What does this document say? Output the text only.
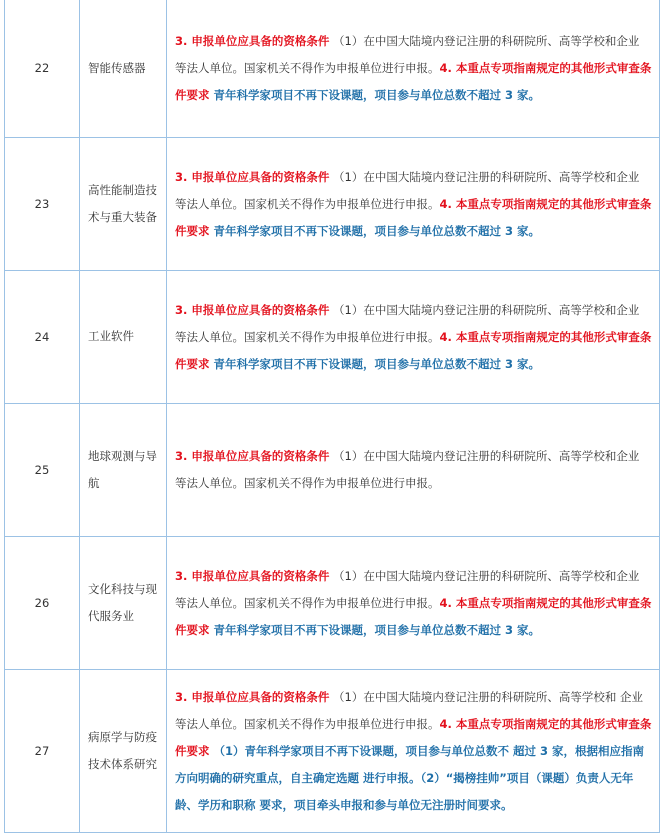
22	智能传感器	3. 申报单位应具备的资格条件 （1）在中国大陆境内登记注册的科研院所、高等学校和企业 等法人单位。国家机关不得作为申报单位进行申报。4. 本重点专项指南规定的其他形式审查条件要求 青年科学家项目不再下设课题，项目参与单位总数不超过 3 家。
23	高性能制造技术与重大装备	3. 申报单位应具备的资格条件 （1）在中国大陆境内登记注册的科研院所、高等学校和企业 等法人单位。国家机关不得作为申报单位进行申报。4. 本重点专项指南规定的其他形式审查条件要求 青年科学家项目不再下设课题，项目参与单位总数不超过 3 家。
24	工业软件	3. 申报单位应具备的资格条件 （1）在中国大陆境内登记注册的科研院所、高等学校和企业 等法人单位。国家机关不得作为申报单位进行申报。4. 本重点专项指南规定的其他形式审查条件要求 青年科学家项目不再下设课题，项目参与单位总数不超过 3 家。
25	地球观测与导航	3. 申报单位应具备的资格条件 （1）在中国大陆境内登记注册的科研院所、高等学校和企业 等法人单位。国家机关不得作为申报单位进行申报。
26	文化科技与现代服务业	3. 申报单位应具备的资格条件 （1）在中国大陆境内登记注册的科研院所、高等学校和企业 等法人单位。国家机关不得作为申报单位进行申报。4. 本重点专项指南规定的其他形式审查条件要求 青年科学家项目不再下设课题，项目参与单位总数不超过 3 家。
27	病原学与防疫技术体系研究	3. 申报单位应具备的资格条件 （1）在中国大陆境内登记注册的科研院所、高等学校和 企业 等法人单位。国家机关不得作为申报单位进行申报。4. 本重点专项指南规定的其他形式审查条件要求 （1）青年科学家项目不再下设课题，项目参与单位总数不 超过 3 家，根据相应指南方向明确的研究重点，自主确定选题 进行申报。（2）“揭榜挂帅”项目（课题）负责人无年龄、学历和职称 要求，项目牵头申报和参与单位无注册时间要求。
